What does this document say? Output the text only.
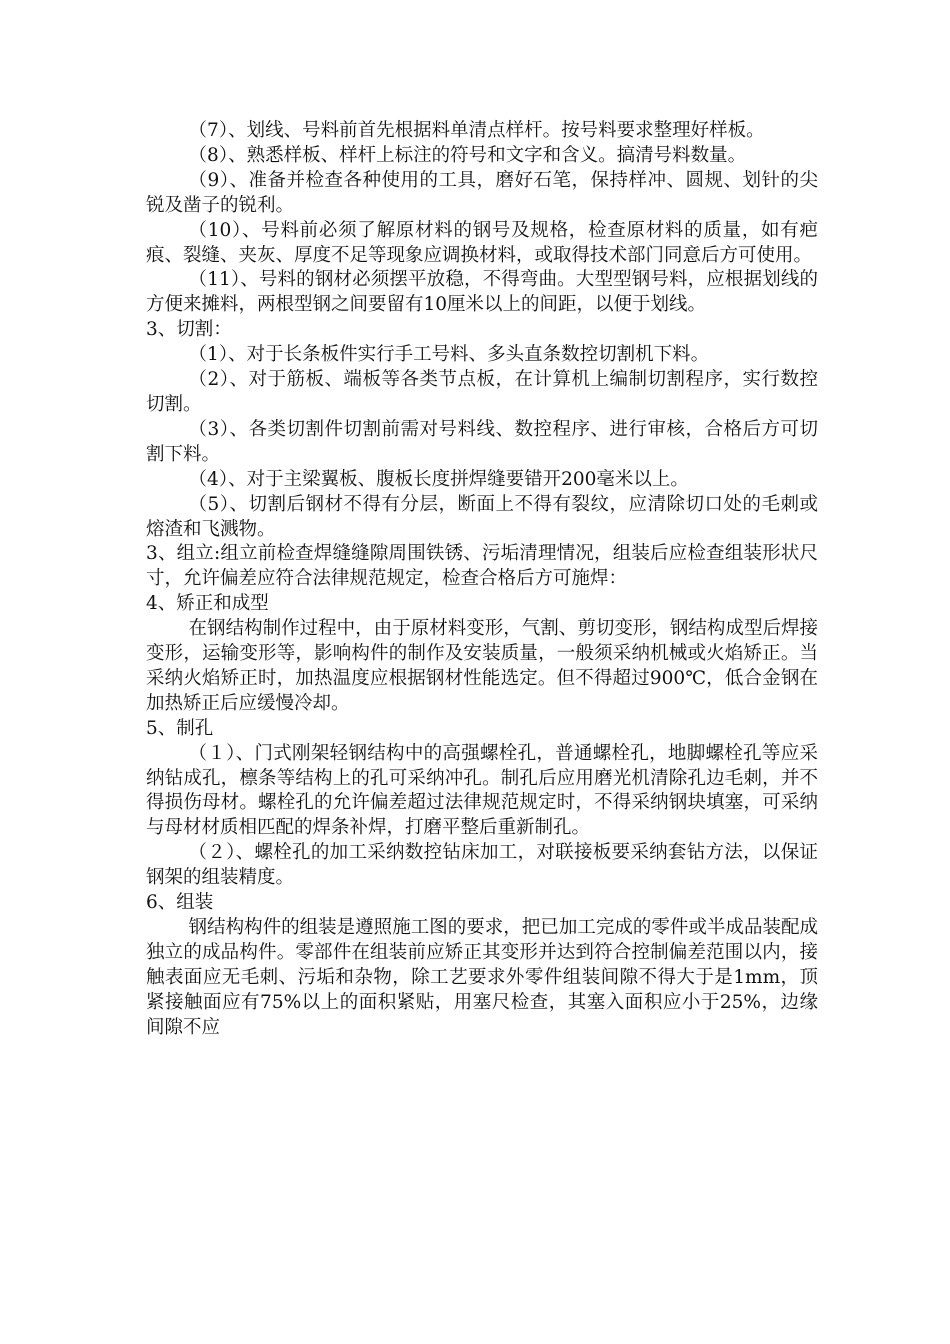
（7）、划线、号料前首先根据料单清点样杆。按号料要求整理好样板。

（8）、熟悉样板、样杆上标注的符号和文字和含义。搞清号料数量。

（9）、准备并检查各种使用的工具，磨好石笔，保持样冲、圆规、划针的尖锐及凿子的锐利。

（10）、号料前必须了解原材料的钢号及规格，检查原材料的质量，如有疤痕、裂缝、夹灰、厚度不足等现象应调换材料，或取得技术部门同意后方可使用。

（11）、号料的钢材必须摆平放稳，不得弯曲。大型型钢号料，应根据划线的方便来摊料，两根型钢之间要留有10厘米以上的间距，以便于划线。

3、切割：

（1）、对于长条板件实行手工号料、多头直条数控切割机下料。

（2）、对于筋板、端板等各类节点板，在计算机上编制切割程序，实行数控切割。

（3）、各类切割件切割前需对号料线、数控程序、进行审核，合格后方可切割下料。

（4）、对于主梁翼板、腹板长度拼焊缝要错开200毫米以上。

（5）、切割后钢材不得有分层，断面上不得有裂纹，应清除切口处的毛刺或熔渣和飞溅物。

3、组立:组立前检查焊缝缝隙周围铁锈、污垢清理情况，组装后应检查组装形状尺寸，允许偏差应符合法律规范规定，检查合格后方可施焊：

4、矫正和成型

在钢结构制作过程中，由于原材料变形，气割、剪切变形，钢结构成型后焊接变形，运输变形等，影响构件的制作及安装质量，一般须采纳机械或火焰矫正。当采纳火焰矫正时，加热温度应根据钢材性能选定。但不得超过900℃，低合金钢在加热矫正后应缓慢冷却。

5、制孔

（１）、门式刚架轻钢结构中的高强螺栓孔，普通螺栓孔，地脚螺栓孔等应采纳钻成孔，檩条等结构上的孔可采纳冲孔。制孔后应用磨光机清除孔边毛刺，并不得损伤母材。螺栓孔的允许偏差超过法律规范规定时，不得采纳钢块填塞，可采纳与母材材质相匹配的焊条补焊，打磨平整后重新制孔。

（２）、螺栓孔的加工采纳数控钻床加工，对联接板要采纳套钻方法，以保证钢架的组装精度。

6、组装

钢结构构件的组装是遵照施工图的要求，把已加工完成的零件或半成品装配成独立的成品构件。零部件在组装前应矫正其变形并达到符合控制偏差范围以内，接触表面应无毛刺、污垢和杂物，除工艺要求外零件组装间隙不得大于是1mm，顶紧接触面应有75%以上的面积紧贴，用塞尺检查，其塞入面积应小于25%，边缘间隙不应
